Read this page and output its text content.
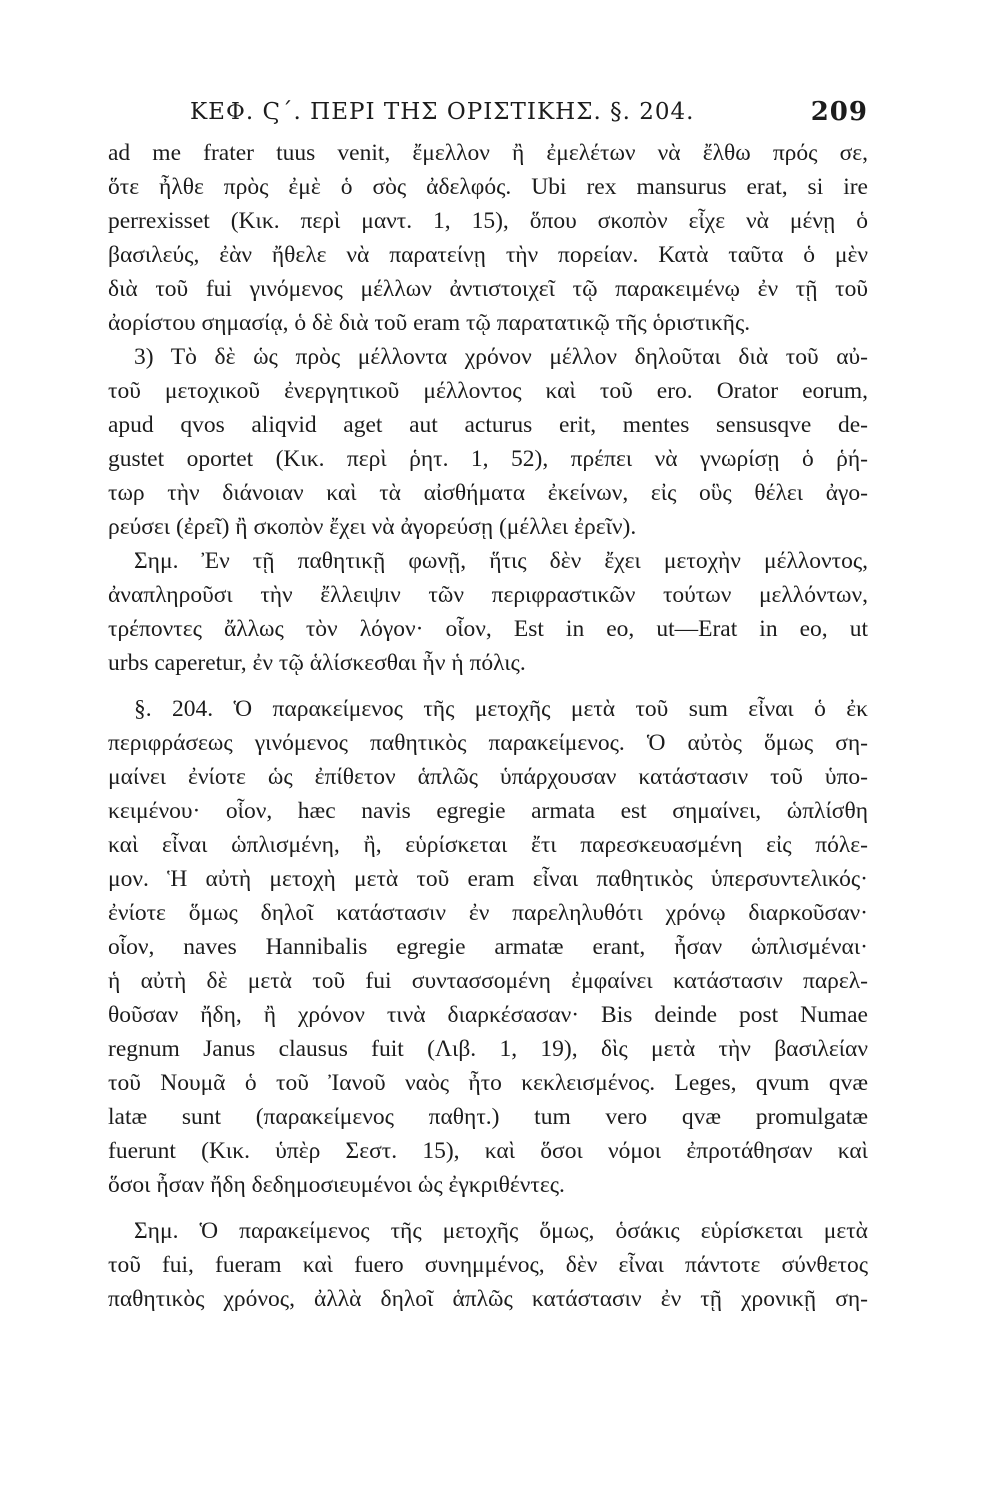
ΚΕΦ. Ϛ΄. ΠΕΡΙ ΤΗΣ ΟΡΙΣΤΙΚΗΣ. §. 204.	209
ad me frater tuus venit, ἔμελλον ἢ ἐμελέτων νὰ ἔλθω πρός σε,
ὅτε ἦλθε πρὸς ἐμὲ ὁ σὸς ἀδελφός. Ubi rex mansurus erat, si ire
perrexisset (Κικ. περὶ μαντ. 1, 15), ὅπου σκοπὸν εἶχε νὰ μένῃ ὁ
βασιλεύς, ἐὰν ἤθελε νὰ παρατείνῃ τὴν πορείαν. Κατὰ ταῦτα ὁ μὲν
διὰ τοῦ fui γινόμενος μέλλων ἀντιστοιχεῖ τῷ παρακειμένῳ ἐν τῇ τοῦ
ἀορίστου σημασίᾳ, ὁ δὲ διὰ τοῦ eram τῷ παρατατικῷ τῆς ὁριστικῆς.
3) Τὸ δὲ ὡς πρὸς μέλλοντα χρόνον μέλλον δηλοῦται διὰ τοῦ αὐ-
τοῦ μετοχικοῦ ἐνεργητικοῦ μέλλοντος καὶ τοῦ ero. Orator eorum,
apud qvos aliqvid aget aut acturus erit, mentes sensusqve de-
gustet oportet (Κικ. περὶ ῥητ. 1, 52), πρέπει νὰ γνωρίσῃ ὁ ῥή-
τωρ τὴν διάνοιαν καὶ τὰ αἰσθήματα ἐκείνων, εἰς οὓς θέλει ἀγο-
ρεύσει (ἐρεῖ) ἢ σκοπὸν ἔχει νὰ ἀγορεύσῃ (μέλλει ἐρεῖν).
Σημ. Ἐν τῇ παθητικῇ φωνῇ, ἥτις δὲν ἔχει μετοχὴν μέλλοντος,
ἀναπληροῦσι τὴν ἔλλειψιν τῶν περιφραστικῶν τούτων μελλόντων,
τρέποντες ἄλλως τὸν λόγον· οἷον, Est in eo, ut—Erat in eo, ut
urbs caperetur, ἐν τῷ ἁλίσκεσθαι ἦν ἡ πόλις.
§. 204. Ὁ παρακείμενος τῆς μετοχῆς μετὰ τοῦ sum εἶναι ὁ ἐκ
περιφράσεως γινόμενος παθητικὸς παρακείμενος. Ὁ αὐτὸς ὅμως ση-
μαίνει ἐνίοτε ὡς ἐπίθετον ἁπλῶς ὑπάρχουσαν κατάστασιν τοῦ ὑπο-
κειμένου· οἷον, hæc navis egregie armata est σημαίνει, ὡπλίσθη
καὶ εἶναι ὡπλισμένη, ἢ, εὑρίσκεται ἔτι παρεσκευασμένη εἰς πόλε-
μον. Ἡ αὐτὴ μετοχὴ μετὰ τοῦ eram εἶναι παθητικὸς ὑπερσυντελικός·
ἐνίοτε ὅμως δηλοῖ κατάστασιν ἐν παρεληλυθότι χρόνῳ διαρκοῦσαν·
οἷον, naves Hannibalis egregie armatæ erant, ἦσαν ὡπλισμέναι·
ἡ αὐτὴ δὲ μετὰ τοῦ fui συντασσομένη ἐμφαίνει κατάστασιν παρελ-
θοῦσαν ἤδη, ἢ χρόνον τινὰ διαρκέσασαν· Bis deinde post Numae
regnum Janus clausus fuit (Λιβ. 1, 19), δὶς μετὰ τὴν βασιλείαν
τοῦ Νουμᾶ ὁ τοῦ Ἰανοῦ ναὸς ἦτο κεκλεισμένος. Leges, qvum qvæ
latæ sunt (παρακείμενος παθητ.) tum vero qvæ promulgatæ
fuerunt (Κικ. ὑπὲρ Σεστ. 15), καὶ ὅσοι νόμοι ἐπροτάθησαν καὶ
ὅσοι ἦσαν ἤδη δεδημοσιευμένοι ὡς ἐγκριθέντες.
Σημ. Ὁ παρακείμενος τῆς μετοχῆς ὅμως, ὁσάκις εὑρίσκεται μετὰ
τοῦ fui, fueram καὶ fuero συνημμένος, δὲν εἶναι πάντοτε σύνθετος
παθητικὸς χρόνος, ἀλλὰ δηλοῖ ἁπλῶς κατάστασιν ἐν τῇ χρονικῇ ση-
